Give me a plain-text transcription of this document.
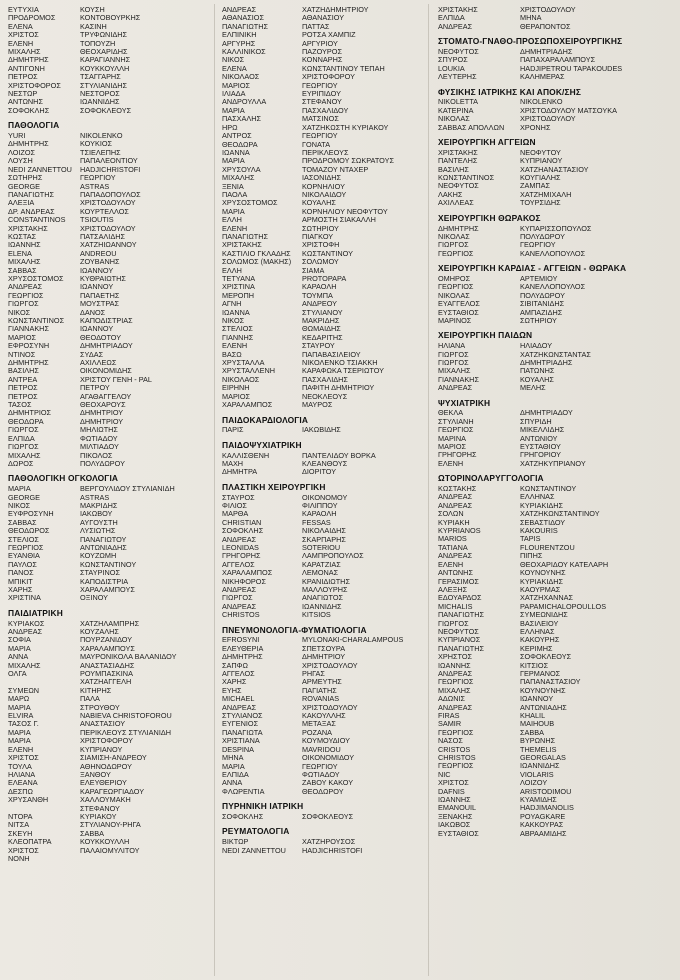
ΕΥΤΥΧΙΑ	ΚΟΥΣΗ
ΠΡΟΔΡΟΜΟΣ	ΚΟΝΤΟΒΟΥΡΚΗΣ
ΕΛΕΝΑ	ΚΑΣΙΝΗ
ΧΡΙΣΤΟΣ	ΤΡΥΦΩΝΙΔΗΣ
ΕΛΕΝΗ	ΤΟΠΟΥΖΗ
ΜΙΧΑΛΗΣ	ΘΕΟΧΑΡΙΔΗΣ
ΔΗΜΗΤΡΗΣ	ΚΑΡΑΓΙΑΝΝΗΣ
ΑΝΤΙΓΟΝΗ	ΚΟΥΚΚΟΥΛΛΗ
ΠΕΤΡΟΣ	ΤΣΑΓΓΑΡΗΣ
ΧΡΙΣΤΟΦΟΡΟΣ	ΣΤΥΛΙΑΝΙΔΗΣ
ΝΕΣΤΩΡ	ΝΕΣΤΟΡΟΣ
ΑΝΤΩΝΗΣ	ΙΩΑΝΝΙΔΗΣ
ΣΟΦΟΚΛΗΣ	ΣΟΦΟΚΛΕΟΥΣ
ΠΑΘΟΛΟΓΙΑ
YURI	NIKOLENKO
ΔΗΜΗΤΡΗΣ	ΚΟΥΚΙΟΣ
ΛΟΙΖΟΣ	ΤΣΙΕΛΕΠΗΣ
ΛΟΥΣΗ	ΠΑΠΑΛΕΟΝΤΙΟΥ
NEDI ZANNETTOU	HADJICHRISTOFI
ΣΩΤΗΡΗΣ	ΓΕΩΡΓΙΟΥ
GEORGE	ASTRAS
ΠΑΝΑΓΙΩΤΗΣ	ΠΑΠΑΔΟΠΟΥΛΟΣ
ΑΛΕΞΙΑ	ΧΡΙΣΤΟΔΟΥΛΟΥ
ΔΡ. ΑΝΔΡΕΑΣ	ΚΟΥΡΤΕΛΛΟΣ
CONSTANTINOS	TSIOUTIS
ΧΡΙΣΤΑΚΗΣ	ΧΡΙΣΤΟΔΟΥΛΟΥ
ΚΩΣΤΑΣ	ΠΑΤΣΑΛΙΔΗΣ
ΙΩΑΝΝΗΣ	ΧΑΤΖΗΙΩΑΝΝΟΥ
ELENA	ANDREOU
ΜΙΧΑΛΗΣ	ΖΟΥΒΑΝΗΣ
ΣΑΒΒΑΣ	ΙΩΑΝΝΟΥ
ΧΡΥΣΟΣΤΟΜΟΣ	ΚΥΘΡΑΙΩΤΗΣ
ΑΝΔΡΕΑΣ	ΙΩΑΝΝΟΥ
ΓΕΩΡΓΙΟΣ	ΠΑΠΑΕΤΗΣ
ΓΙΩΡΓΟΣ	ΜΟΥΣΤΡΑΣ
ΝΙΚΟΣ	ΔΑΝΟΣ
ΚΩΝΣΤΑΝΤΙΝΟΣ	ΚΑΠΟΔΙΣΤΡΙΑΣ
ΓΙΑΝΝΑΚΗΣ	ΙΩΑΝΝΟΥ
ΜΑΡΙΟΣ	ΘΕΟΔΟΤΟΥ
ΕΦΡΟΣΥΝΗ	ΔΗΜΗΤΡΙΑΔΟΥ
ΝΤΙΝΟΣ	ΣΥΔΑΣ
ΔΗΜΗΤΡΗΣ	ΑΧΙΛΛΕΩΣ
ΒΑΣΙΛΗΣ	ΟΙΚΟΝΟΜΙΔΗΣ
ΑΝΤΡΕΑ	ΧΡΙΣΤΟΥ ΓΕΝΗ - PAL
ΠΕΤΡΟΣ	ΠΕΤΡΟΥ
ΠΕΤΡΟΣ	ΑΓΑΘΑΓΓΕΛΟΥ
ΤΑΣΟΣ	ΘΕΟΧΑΡΟΥΣ
ΔΗΜΗΤΡΙΟΣ	ΔΗΜΗΤΡΙΟΥ
ΘΕΟΔΩΡΑ	ΔΗΜΗΤΡΙΟΥ
ΓΙΩΡΓΟΣ	ΜΗΛΙΩΤΗΣ
ΕΛΠΙΔΑ	ΦΩΤΙΑΔΟΥ
ΓΙΩΡΓΟΣ	ΜΙΛΤΙΑΔΟΥ
ΜΙΧΑΛΗΣ	ΠΙΚΟΛΟΣ
ΔΩΡΟΣ	ΠΟΛΥΔΩΡΟΥ
ΠΑΘΟΛΟΓΙΚΗ ΟΓΚΟΛΟΓΙΑ
ΜΑΡΙΑ	ΒΕΡΓΟΥΛΙΔΟΥ ΣΤΥΛΙΑΝΙΔΗ
GEORGE	ASTRAS
ΝΙΚΟΣ	ΜΑΚΡΙΔΗΣ
ΕΥΦΡΟΣΥΝΗ	ΙΑΚΩΒΟΥ
ΣΑΒΒΑΣ	ΑΥΓΟΥΣΤΗ
ΘΕΟΔΩΡΟΣ	ΛΥΣΙΩΤΗΣ
ΣΤΕΛΙΟΣ	ΠΑΝΑΓΙΩΤΟΥ
ΓΕΩΡΓΙΟΣ	ΑΝΤΩΝΙΑΔΗΣ
ΕΥΑΝΘΙΑ	ΚΟΥΖΩΜΗ
ΠΑΥΛΟΣ	ΚΩΝΣΤΑΝΤΙΝΟΥ
ΠΑΝΟΣ	ΣΤΑΥΡΙΝΟΣ
ΜΠΙΚΙΤ	ΚΑΠΟΔΙΣΤΡΙΑ
ΧΑΡΗΣ	ΧΑΡΑΛΑΜΠΟΥΣ
ΧΡΙΣΤΙΝΑ	ΟΞΙΝΟΥ
ΠΑΙΔΙΑΤΡΙΚΗ
ΚΥΡΙΑΚΟΣ	ΧΑΤΖΗΛΑΜΠΡΗΣ
ΑΝΔΡΕΑΣ	ΚΟΥΖΑΛΗΣ
ΣΟΦΙΑ	ΠΟΥΡΖΑΝΙΔΟΥ
ΜΑΡΙΑ	ΧΑΡΑΛΑΜΠΟΥΣ
ΑΝΝΑ	ΜΑΥΡΟΝΙΚΟΛΑ ΒΑΛΑΝΙΔΟΥ
ΜΙΧΑΛΗΣ	ΑΝΑΣΤΑΣΙΑΔΗΣ
ΟΛΓΑ	ΡΟΥΜΠΑΣΚΙΝΑ
ΧΑΤΖΗΑΓΓΕΛΗ
ΣΥΜΕΩΝ	ΚΙΤΗΡΗΣ
ΜΑΡΩ	ΠΑΛΑ
ΜΑΡΙΑ	ΣΤΡΟΥΘΟΥ
ELVIRA	NABIEVA CHRISTOFOROU
ΤΑΣΟΣ Γ.	ΑΝΑΣΤΑΣΙΟΥ
ΜΑΡΙΑ	ΠΕΡΙΚΛΕΟΥΣ ΣΤΥΛΙΑΝΙΔΗ
ΜΑΡΙΑ	ΧΡΙΣΤΟΦΟΡΟΥ
ΕΛΕΝΗ	ΚΥΠΡΙΑΝΟΥ
ΧΡΙΣΤΟΣ	ΣΙΑΜΙΣΗ-ΑΝΔΡΕΟΥ
ΤΟΥΛΑ	ΑΘΗΝΟΔΩΡΟΥ
ΗΛΙΑΝΑ	ΞΑΝΘΟΥ
ΕΛΕΑΝΑ	ΕΛΕΥΘΕΡΙΟΥ
ΔΕΣΠΩ	ΚΑΡΑΓΕΩΡΓΙΑΔΟΥ
ΧΡΥΣΑΝΘΗ	ΧΑΛΛΟΥΜΑΚΗ
ΣΤΕΦΑΝΟΥ
ΝΤΟΡΑ	ΚΥΡΙΑΚΟΥ
ΝΙΤΣΑ	ΣΤΥΛΙΑΝΟΥ-ΡΗΓΑ
ΣΚΕΥΗ	ΣΑΒΒΑ
ΚΛΕΟΠΑΤΡΑ	ΚΟΥΚΚΟΥΛΛΗ
ΧΡΙΣΤΟΣ	ΠΑΛΑΙΟΜΥΛΙΤΟΥ
ΝΟΝΗ
ΑΝΔΡΕΑΣ	ΧΑΤΖΗΔΗΜΗΤΡΙΟΥ
ΑΘΑΝΑΣΙΟΣ	ΑΘΑΝΑΣΙΟΥ
ΠΑΝΑΓΙΩΤΗΣ	ΠΑΤΤΑΣ
ΕΛΠΙΝΙΚΗ	ΡΟΤΣΑ ΧΑΜΠΙΖ
ΑΡΓΥΡΗΣ	ΑΡΓΥΡΙΟΥ
ΚΑΛΛΙΝΙΚΟΣ	ΠΑΖΟΥΡΟΣ
ΝΙΚΟΣ	ΚΟΝΝΑΡΗΣ
ΕΛΕΝΑ	ΚΩΝΣΤΑΝΤΙΝΟΥ ΤΕΠΑΗ
ΝΙΚΟΛΑΟΣ	ΧΡΙΣΤΟΦΟΡΟΥ
ΜΑΡΙΟΣ	ΓΕΩΡΓΙΟΥ
ΙΛΙΑΔΑ	ΕΥΡΙΠΙΔΟΥ
ΑΝΔΡΟΥΛΛΑ	ΣΤΕΦΑΝΟΥ
ΜΑΡΙΑ	ΠΑΣΧΑΛΙΔΟΥ
ΠΑΣΧΑΛΗΣ	ΜΑΤΣΙΝΟΣ
ΗΡΩ	ΧΑΤΖΗΚΩΣΤΗ ΚΥΡΙΑΚΟΥ
ΑΝΤΡΟΣ	ΓΕΩΡΓΙΟΥ
ΘΕΟΔΩΡΑ	ΓΟΝΑΤΑ
ΙΩΑΝΝΑ	ΠΕΡΙΚΛΕΟΥΣ
ΜΑΡΙΑ	ΠΡΟΔΡΟΜΟΥ ΣΩΚΡΑΤΟΥΣ
ΧΡΥΣΟΥΛΑ	ΤΟΜΑΖΟΥ ΝΤΑΧΕΡ
ΜΙΧΑΛΗΣ	ΙΑΣΟΝΙΔΗΣ
ΞΕΝΙΑ	ΚΟΡΝΗΛΙΟΥ
ΠΑΟΛΑ	ΝΙΚΟΛΑΙΔΟΥ
ΧΡΥΣΟΣΤΟΜΟΣ	ΚΟΥΑΛΗΣ
ΜΑΡΙΑ	ΚΟΡΝΗΛΙΟΥ ΝΕΟΦΥΤΟΥ
ΕΛΛΗ	ΑΡΜΟΣΤΗ ΣΙΑΚΑΛΛΗ
ΕΛΕΝΗ	ΣΩΤΗΡΙΟΥ
ΠΑΝΑΓΙΩΤΗΣ	ΠΙΑΓΚΟΥ
ΧΡΙΣΤΑΚΗΣ	ΧΡΙΣΤΟΦΗ
ΚΑΣΤΙΛΙΟ ΓΚΛΑΔΗΣ	ΚΩΣΤΑΝΤΙΝΟΥ
ΣΟΛΩΜΟΣ (ΜΑΚΗΣ)	ΣΟΛΩΜΟΥ
ΕΛΛΗ	ΣΙΑΜΑ
ΤΕΤΥΑΝΑ	PROTOPAPA
ΧΡΙΣΤΙΝΑ	ΚΑΡΑΟΛΗ
ΜΕΡΟΠΗ	ΤΟΥΜΠΑ
ΑΓΝΗ	ΑΝΔΡΕΟΥ
ΙΩΑΝΝΑ	ΣΤΥΛΙΑΝΟΥ
ΝΙΚΟΣ	ΜΑΚΡΙΔΗΣ
ΣΤΕΛΙΟΣ	ΘΩΜΑΙΔΗΣ
ΓΙΑΝΝΗΣ	ΚΕΔΑΡΙΤΗΣ
ΕΛΕΝΗ	ΣΤΑΥΡΟΥ
ΒΑΣΩ	ΠΑΠΑΒΑΣΙΛΕΙΟΥ
ΧΡΥΣΤΑΛΛΑ	ΝΙΚΟΛΕΝΚΟ ΤΣΙΑΚΚΗ
ΧΡΥΣΤΑΛΛΕΝΗ	ΚΑΡΑΦΩΚΑ ΤΣΕΡΙΩΤΟΥ
ΝΙΚΟΛΑΟΣ	ΠΑΣΧΑΛΙΔΗΣ
ΕΙΡΗΝΗ	ΠΑΦΙΤΗ ΔΗΜΗΤΡΙΟΥ
ΜΑΡΙΟΣ	ΝΕΟΚΛΕΟΥΣ
ΧΑΡΑΛΑΜΠΟΣ	ΜΑΥΡΟΣ
ΠΑΙΔΟΚΑΡΔΙΟΛΟΓΙΑ
ΠΑΡΙΣ	ΙΑΚΩΒΙΔΗΣ
ΠΑΙΔΟΨΥΧΙΑΤΡΙΚΗ
ΚΑΛΛΙΣΘΕΝΗ	ΠΑΝΤΕΛΙΔΟΥ ΒΟΡΚΑ
ΜΑΧΗ	ΚΛΕΑΝΘΟΥΣ
ΔΗΜΗΤΡΑ	ΔΙΟΡΙΤΟΥ
ΠΛΑΣΤΙΚΗ ΧΕΙΡΟΥΡΓΙΚΗ
ΣΤΑΥΡΟΣ	ΟΙΚΟΝΟΜΟΥ
ΦΙΛΙΟΣ	ΦΙΛΙΠΠΟΥ
ΜΑΡΘΑ	ΚΑΡΑΟΛΗ
CHRISTIAN	FESSAS
ΣΟΦΟΚΛΗΣ	ΝΙΚΟΛΑΙΔΗΣ
ΑΝΔΡΕΑΣ	ΣΚΑΡΠΑΡΗΣ
LEONIDAS	SOTERIOU
ΓΡΗΓΟΡΗΣ	ΛΑΜΠΡΟΠΟΥΛΟΣ
ΑΓΓΕΛΟΣ	ΚΑΡΑΤΖΙΑΣ
ΧΑΡΑΛΑΜΠΟΣ	ΛΕΜΟΝΑΣ
ΝΙΚΗΦΟΡΟΣ	ΚΡΑΝΙΔΙΩΤΗΣ
ΑΝΔΡΕΑΣ	ΜΑΛΛΟΥΡΗΣ
ΓΙΩΡΓΟΣ	ΑΝΑΓΙΩΤΟΣ
ΑΝΔΡΕΑΣ	ΙΩΑΝΝΙΔΗΣ
CHRISTOS	KITSIOS
ΠΝΕΥΜΟΝΟΛΟΓΙΑ-ΦΥΜΑΤΙΟΛΟΓΙΑ
EFROSYNI	MYLONAKI-CHARALAMPOUS
ΕΛΕΥΘΕΡΙΑ	ΣΠΕΤΣΟΥΡΑ
ΔΗΜΗΤΡΗΣ	ΔΗΜΗΤΡΙΟΥ
ΣΑΠΦΩ	ΧΡΙΣΤΟΔΟΥΛΟΥ
ΑΓΓΕΛΟΣ	ΡΗΓΑΣ
ΧΑΡΗΣ	ΑΡΜΕΥΤΗΣ
ΕΥΗΣ	ΠΑΓΙΑΤΗΣ
MICHAEL	ROVANIAS
ΑΝΔΡΕΑΣ	ΧΡΙΣΤΟΔΟΥΛΟΥ
ΣΤΥΛΙΑΝΟΣ	ΚΑΚΟΥΛΛΗΣ
ΕΥΓΕΝΙΟΣ	ΜΕΤΑΞΑΣ
ΠΑΝΑΓΙΩΤΑ	ΡΟΖΑΝΑ
ΧΡΙΣΤΙΑΝΑ	ΚΟΥΜΟΥΔΙΟΥ
DESPINA	MAVRIDOU
ΜΗΝΑ	ΟΙΚΟΝΟΜΙΔΟΥ
ΜΑΡΙΑ	ΓΕΩΡΓΙΟΥ
ΕΛΠΙΔΑ	ΦΩΤΙΑΔΟΥ
ΑΝΝΑ	ΖΑΒΟΥ ΚΑΚΟΥ
ΦΛΩΡΕΝΤΙΑ	ΘΕΟΔΩΡΟΥ
ΠΥΡΗΝΙΚΗ ΙΑΤΡΙΚΗ
ΣΟΦΟΚΛΗΣ	ΣΟΦΟΚΛΕΟΥΣ
ΡΕΥΜΑΤΟΛΟΓΙΑ
ΒΙΚΤΩΡ	ΧΑΤΖΗΡΟΥΣΟΣ
NEDI ZANNETTOU	HADJICHRISTOFI
ΧΡΙΣΤΑΚΗΣ	ΧΡΙΣΤΟΔΟΥΛΟΥ
ΕΛΠΙΔΑ	ΜΗΝΑ
ΑΝΔΡΕΑΣ	ΘΕΡΑΠΟΝΤΟΣ
ΣΤΟΜΑΤΟ-ΓΝΑΘΟ-ΠΡΟΣΩΠΟΧΕΙΡΟΥΡΓΙΚΗΣ
ΝΕΟΦΥΤΟΣ	ΔΗΜΗΤΡΙΑΔΗΣ
ΣΠΥΡΟΣ	ΠΑΠΑΧΑΡΑΛΑΜΠΟΥΣ
LOUKIA	HADJIPETROU TAPAKOUDES
ΛΕΥΤΕΡΗΣ	ΚΑΛΗΜΕΡΑΣ
ΦΥΣΙΚΗΣ ΙΑΤΡΙΚΗΣ ΚΑΙ ΑΠΟΚ/ΣΗΣ
NIKOLETTA	NIKOLENKO
ΚΑΤΕΡΙΝΑ	ΧΡΙΣΤΟΔΟΥΛΟΥ ΜΑΤΣΟΥΚΑ
ΝΙΚΟΛΑΣ	ΧΡΙΣΤΟΔΟΥΛΟΥ
ΣΑΒΒΑΣ ΑΠΟΛΛΩΝ	ΧΡΟΝΗΣ
ΧΕΙΡΟΥΡΓΙΚΗ ΑΓΓΕΙΩΝ
ΧΡΙΣΤΑΚΗΣ	ΝΕΟΦΥΤΟΥ
ΠΑΝΤΕΛΗΣ	ΚΥΠΡΙΑΝΟΥ
ΒΑΣΙΛΗΣ	ΧΑΤΖΗΑΝΑΣΤΑΣΙΟΥ
ΚΩΝΣΤΑΝΤΙΝΟΣ	ΚΟΥΓΙΑΛΗΣ
ΝΕΟΦΥΤΟΣ	ΖΑΜΠΑΣ
ΛΑΚΗΣ	ΧΑΤΖΗΜΙΧΑΛΗ
ΑΧΙΛΛΕΑΣ	ΤΟΥΡΣΙΔΗΣ
ΧΕΙΡΟΥΡΓΙΚΗ ΘΩΡΑΚΟΣ
ΔΗΜΗΤΡΗΣ	ΚΥΠΑΡΙΣΣΟΠΟΥΛΟΣ
ΝΙΚΟΛΑΣ	ΠΟΛΥΔΩΡΟΥ
ΓΙΩΡΓΟΣ	ΓΕΩΡΓΙΟΥ
ΓΕΩΡΓΙΟΣ	ΚΑΝΕΛΛΟΠΟΥΛΟΣ
ΧΕΙΡΟΥΡΓΙΚΗ ΚΑΡΔΙΑΣ - ΑΓΓΕΙΩΝ - ΘΩΡΑΚΑ
ΟΜΗΡΟΣ	ΑΡΤΕΜΙΟΥ
ΓΕΩΡΓΙΟΣ	ΚΑΝΕΛΛΟΠΟΥΛΟΣ
ΝΙΚΟΛΑΣ	ΠΟΛΥΔΩΡΟΥ
ΕΥΑΓΓΕΛΟΣ	ΣΙΒΙΤΑΝΙΔΗΣ
ΕΥΣΤΑΘΙΟΣ	ΑΜΠΑΖΙΔΗΣ
ΜΑΡΙΝΟΣ	ΣΩΤΗΡΙΟΥ
ΧΕΙΡΟΥΡΓΙΚΗ ΠΑΙΔΩΝ
ΗΛΙΑΝΑ	ΗΛΙΑΔΟΥ
ΓΙΩΡΓΟΣ	ΧΑΤΖΗΚΩΝΣΤΑΝΤΑΣ
ΓΙΩΡΓΟΣ	ΔΗΜΗΤΡΙΑΔΗΣ
ΜΙΧΑΛΗΣ	ΠΑΤΩΝΗΣ
ΓΙΑΝΝΑΚΗΣ	ΚΟΥΑΛΗΣ
ΑΝΔΡΕΑΣ	ΜΕΛΗΣ
ΨΥΧΙΑΤΡΙΚΗ
ΘΕΚΛΑ	ΔΗΜΗΤΡΙΑΔΟΥ
ΣΤΥΛΙΑΝΗ	ΣΠΥΡΙΔΗ
ΓΕΩΡΓΙΟΣ	ΜΙΚΕΛΛΙΔΗΣ
ΜΑΡΙΝΑ	ΑΝΤΩΝΙΟΥ
ΜΑΡΙΟΣ	ΕΥΣΤΑΘΙΟΥ
ΓΡΗΓΟΡΗΣ	ΓΡΗΓΟΡΙΟΥ
ΕΛΕΝΗ	ΧΑΤΖΗΚΥΠΡΙΑΝΟΥ
ΩΤΟΡΙΝΟΛΑΡΥΓΓΟΛΟΓΙΑ
ΚΩΣΤΑΚΗΣ	ΚΩΝΣΤΑΝΤΙΝΟΥ
ΑΝΔΡΕΑΣ	ΕΛΛΗΝΑΣ
ΑΝΔΡΕΑΣ	ΚΥΡΙΑΚΙΔΗΣ
ΣΟΛΩΝ	ΧΑΤΖΗΚΩΝΣΤΑΝΤΙΝΟΥ
ΚΥΡΙΑΚΗ	ΣΕΒΑΣΤΙΔΟΥ
KYPRIANOS	KAKOURIS
MARIOS	TAPIS
TATIANA	FLOURENTZOU
ΑΝΔΡΕΑΣ	ΠΙΠΗΣ
ΕΛΕΝΗ	ΘΕΟΧΑΡΙΔΟΥ ΚΑΤΕΛΑΡΗ
ΑΝΤΩΝΗΣ	ΚΟΥΝΟΥΝΗΣ
ΓΕΡΑΣΙΜΟΣ	ΚΥΡΙΑΚΙΔΗΣ
ΑΛΕΞΗΣ	ΚΑΟΥΡΜΑΣ
ΕΔΟΥΑΡΔΟΣ	ΧΑΤΖΗΧΑΝΝΑΣ
MICHALIS	PAPAMICHALOPOULLOS
ΠΑΝΑΓΙΩΤΗΣ	ΣΥΜΕΩΝΙΔΗΣ
ΓΙΩΡΓΟΣ	ΒΑΣΙΛΕΙΟΥ
ΝΕΟΦΥΤΟΣ	ΕΛΛΗΝΑΣ
ΚΥΠΡΙΑΝΟΣ	ΚΑΚΟΥΡΗΣ
ΠΑΝΑΓΙΩΤΗΣ	ΚΕΡΙΜΗΣ
ΧΡΗΣΤΟΣ	ΣΟΦΟΚΛΕΟΥΣ
ΙΩΑΝΝΗΣ	ΚΙΤΣΙΟΣ
ΑΝΔΡΕΑΣ	ΓΕΡΜΑΝΟΣ
ΓΕΩΡΓΙΟΣ	ΠΑΠΑΝΑΣΤΑΣΙΟΥ
ΜΙΧΑΛΗΣ	ΚΟΥΝΟΥΝΗΣ
ΑΔΩΝΙΣ	ΙΩΑΝΝΟΥ
ΑΝΔΡΕΑΣ	ΑΝΤΩΝΙΑΔΗΣ
FIRAS	KHALIL
SAMIR	MAIHOUB
ΓΕΩΡΓΙΟΣ	ΣΑΒΒΑ
ΝΑΣΟΣ	ΒΥΡΩΝΗΣ
CRISTOS	THEMELIS
CHRISTOS	GEORGALAS
ΓΕΩΡΓΙΟΣ	ΙΩΑΝΝΙΔΗΣ
NIC	VIOLARIS
ΧΡΙΣΤΟΣ	ΛΟΙΖΟΥ
DAFNIS	ARISTODIMOU
ΙΩΑΝΝΗΣ	ΚΥΑΜΙΔΗΣ
EMANOUIL	HADJIMANOLIS
ΞΕΝΑΚΗΣ	POYAGKARE
ΙΑΚΩΒΟΣ	ΚΑΚΚΟΥΡΑΣ
ΕΥΣΤΑΘΙΟΣ	ΑΒΡΑΑΜΙΔΗΣ
